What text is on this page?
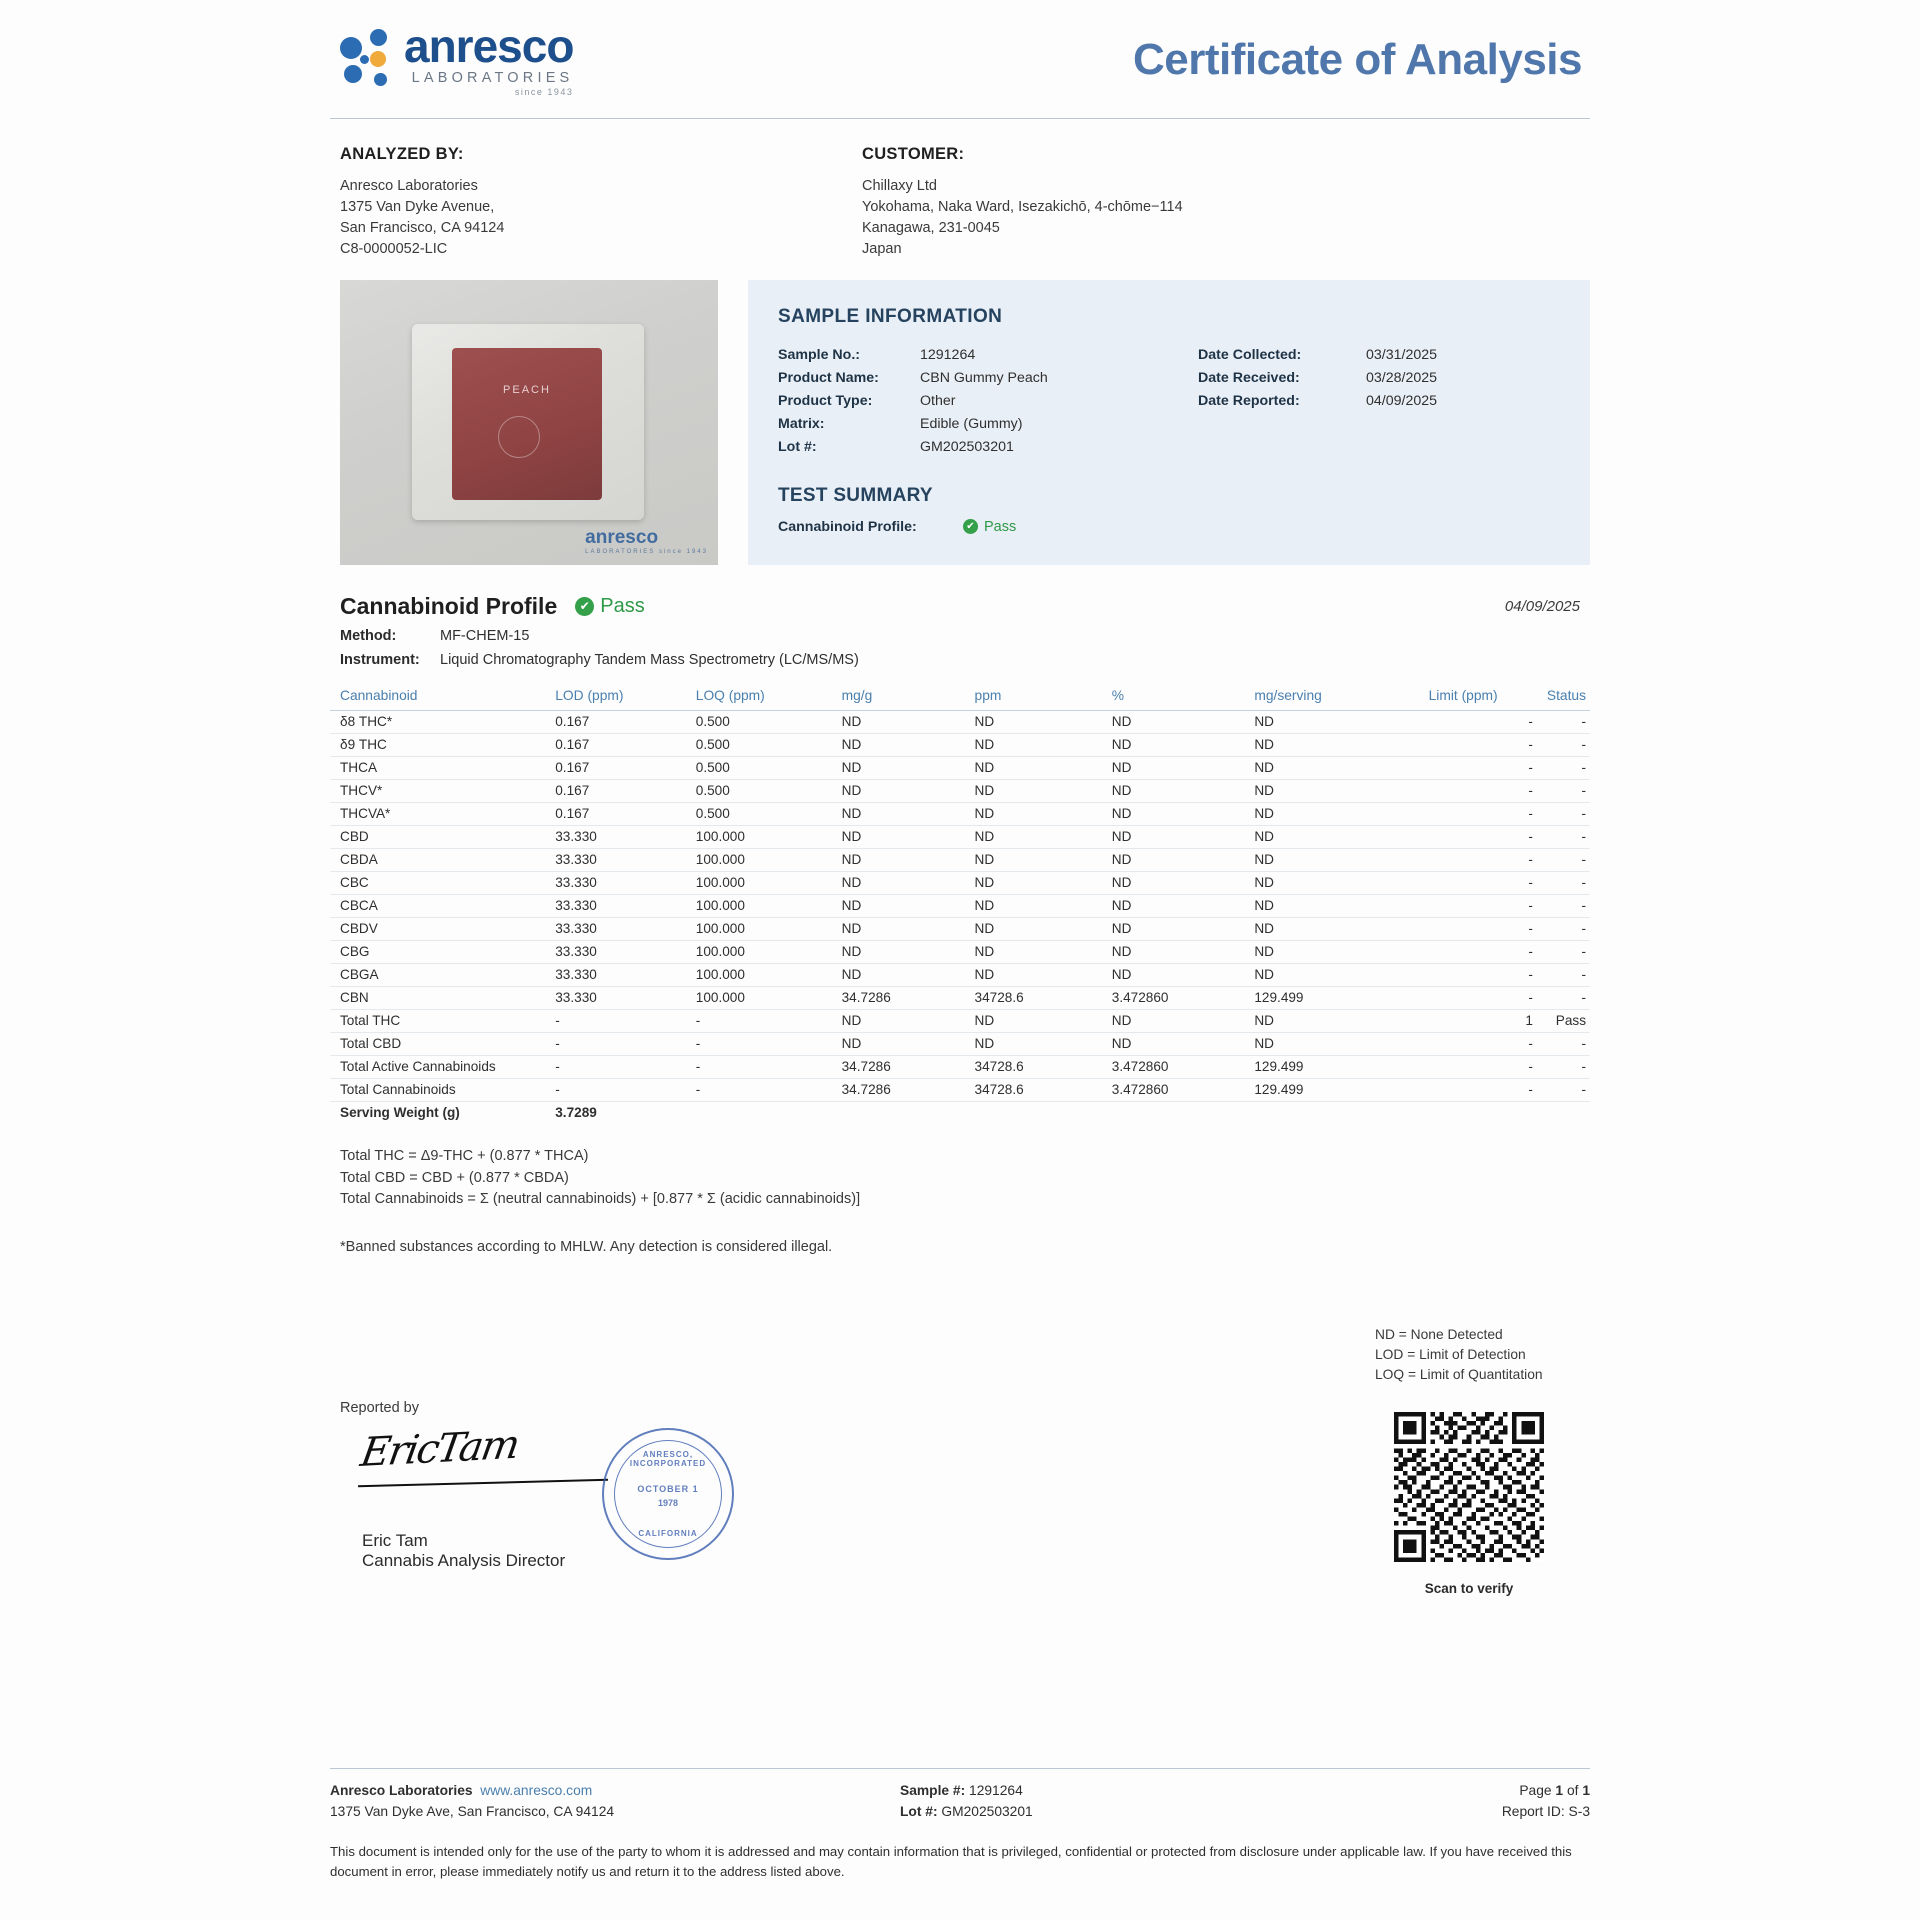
anresco
LABORATORIES
since 1943
Certificate of Analysis
ANALYZED BY:
Anresco Laboratories
1375 Van Dyke Avenue,
San Francisco, CA 94124
C8-0000052-LIC
CUSTOMER:
Chillaxy Ltd
Yokohama, Naka Ward, Isezakichō, 4-chōme−114
Kanagawa, 231-0045
Japan
PEACH
anresco
LABORATORIES since 1943
SAMPLE INFORMATION
Sample No.:	1291264
Product Name:	CBN Gummy Peach
Product Type:	Other
Matrix:	Edible (Gummy)
Lot #:	GM202503201
Date Collected:	03/31/2025
Date Received:	03/28/2025
Date Reported:	04/09/2025
TEST SUMMARY
Cannabinoid Profile:	✔ Pass
Cannabinoid Profile	✔ Pass	04/09/2025
Method:	MF-CHEM-15
Instrument:	Liquid Chromatography Tandem Mass Spectrometry (LC/MS/MS)
Cannabinoid	LOD (ppm)	LOQ (ppm)	mg/g	ppm	%	mg/serving	Limit (ppm)	Status
δ8 THC*	0.167	0.500	ND	ND	ND	ND	-	-
δ9 THC	0.167	0.500	ND	ND	ND	ND	-	-
THCA	0.167	0.500	ND	ND	ND	ND	-	-
THCV*	0.167	0.500	ND	ND	ND	ND	-	-
THCVA*	0.167	0.500	ND	ND	ND	ND	-	-
CBD	33.330	100.000	ND	ND	ND	ND	-	-
CBDA	33.330	100.000	ND	ND	ND	ND	-	-
CBC	33.330	100.000	ND	ND	ND	ND	-	-
CBCA	33.330	100.000	ND	ND	ND	ND	-	-
CBDV	33.330	100.000	ND	ND	ND	ND	-	-
CBG	33.330	100.000	ND	ND	ND	ND	-	-
CBGA	33.330	100.000	ND	ND	ND	ND	-	-
CBN	33.330	100.000	34.7286	34728.6	3.472860	129.499	-	-
Total THC	-	-	ND	ND	ND	ND	1	Pass
Total CBD	-	-	ND	ND	ND	ND	-	-
Total Active Cannabinoids	-	-	34.7286	34728.6	3.472860	129.499	-	-
Total Cannabinoids	-	-	34.7286	34728.6	3.472860	129.499	-	-
Serving Weight (g)	3.7289							
Total THC = Δ9-THC + (0.877 * THCA)
Total CBD = CBD + (0.877 * CBDA)
Total Cannabinoids = Σ (neutral cannabinoids) + [0.877 * Σ (acidic cannabinoids)]
*Banned substances according to MHLW. Any detection is considered illegal.
ND = None Detected
LOD = Limit of Detection
LOQ = Limit of Quantitation
Scan to verify
Reported by
EricTam	ANRESCO, INCORPORATED
OCTOBER 1
1978
CALIFORNIA
Eric Tam
Cannabis Analysis Director
Anresco Laboratories www.anresco.com
1375 Van Dyke Ave, San Francisco, CA 94124
Sample #: 1291264
Lot #: GM202503201
Page 1 of 1
Report ID: S-3
This document is intended only for the use of the party to whom it is addressed and may contain information that is privileged, confidential or protected from disclosure under applicable law. If you have received this document in error, please immediately notify us and return it to the address listed above.
